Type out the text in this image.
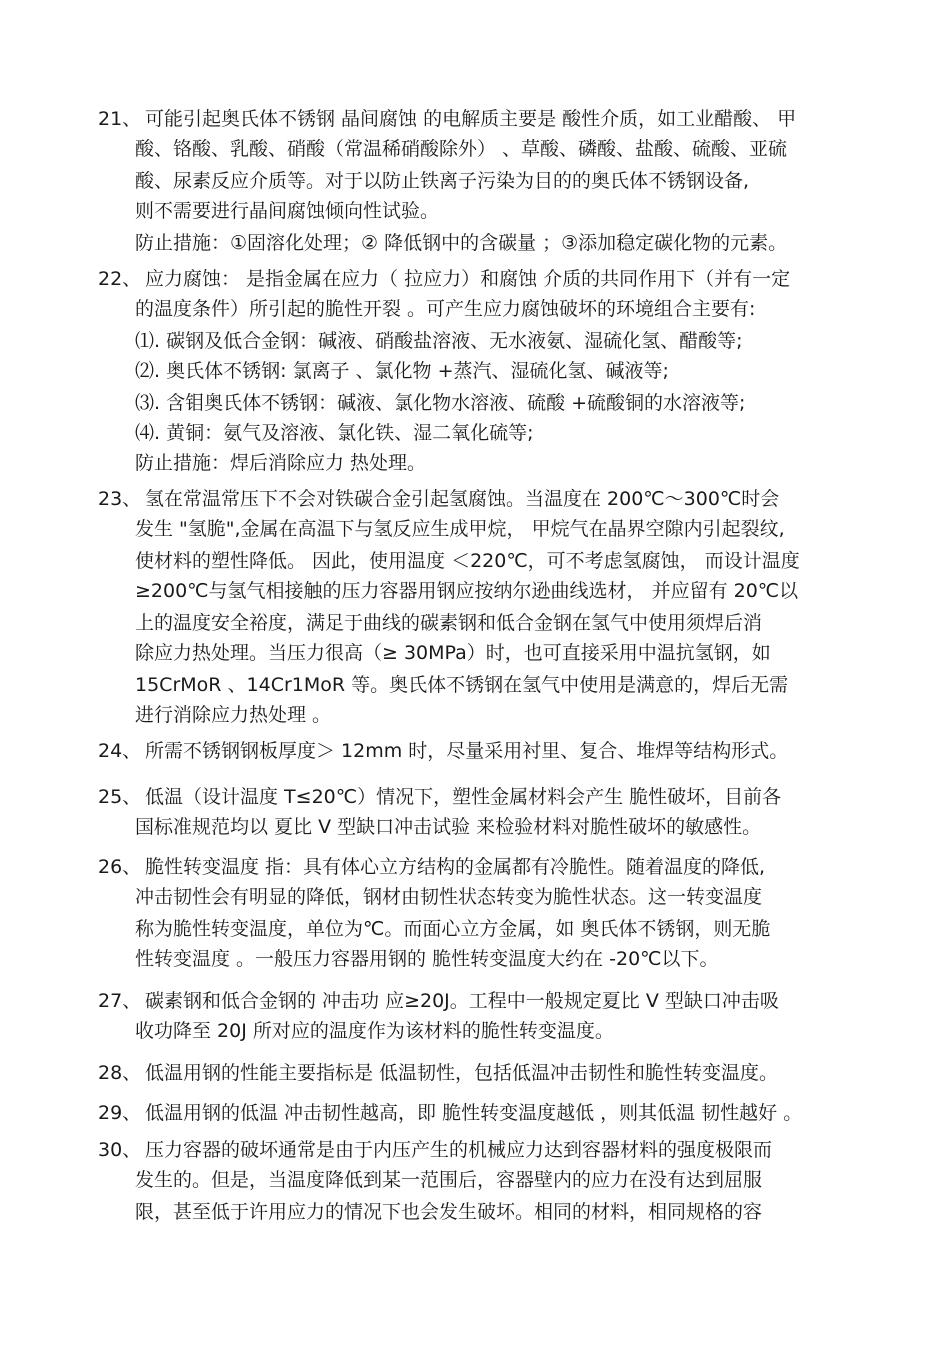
21、 可能引起奥氏体不锈钢 晶间腐蚀 的电解质主要是 酸性介质，如工业醋酸、 甲
酸、铬酸、乳酸、硝酸（常温稀硝酸除外） 、草酸、磷酸、盐酸、硫酸、亚硫
酸、尿素反应介质等。对于以防止铁离子污染为目的的奥氏体不锈钢设备,
则不需要进行晶间腐蚀倾向性试验。
防止措施：①固溶化处理；② 降低钢中的含碳量 ；③添加稳定碳化物的元素。
22、 应力腐蚀： 是指金属在应力（ 拉应力）和腐蚀 介质的共同作用下（并有一定
的温度条件）所引起的脆性开裂 。可产生应力腐蚀破坏的环境组合主要有:
⑴. 碳钢及低合金钢：碱液、硝酸盐溶液、无水液氨、湿硫化氢、醋酸等;
⑵. 奥氏体不锈钢: 氯离子 、氯化物 +蒸汽、湿硫化氢、碱液等;
⑶. 含钼奥氏体不锈钢：碱液、氯化物水溶液、硫酸 +硫酸铜的水溶液等;
⑷. 黄铜：氨气及溶液、氯化铁、湿二氧化硫等;
防止措施：焊后消除应力 热处理。
23、 氢在常温常压下不会对铁碳合金引起氢腐蚀。当温度在 200℃～300℃时会
发生 "氢脆",金属在高温下与氢反应生成甲烷， 甲烷气在晶界空隙内引起裂纹,
使材料的塑性降低。 因此，使用温度 ＜220℃，可不考虑氢腐蚀， 而设计温度
≥200℃与氢气相接触的压力容器用钢应按纳尔逊曲线选材， 并应留有 20℃以
上的温度安全裕度，满足于曲线的碳素钢和低合金钢在氢气中使用须焊后消
除应力热处理。当压力很高（≥ 30MPa）时，也可直接采用中温抗氢钢，如
15CrMoR 、14Cr1MoR 等。奥氏体不锈钢在氢气中使用是满意的，焊后无需
进行消除应力热处理 。
24、 所需不锈钢钢板厚度＞ 12mm 时，尽量采用衬里、复合、堆焊等结构形式。
25、 低温（设计温度 T≤20℃）情况下，塑性金属材料会产生 脆性破坏，目前各
国标准规范均以 夏比 V 型缺口冲击试验 来检验材料对脆性破坏的敏感性。
26、 脆性转变温度 指：具有体心立方结构的金属都有冷脆性。随着温度的降低,
冲击韧性会有明显的降低，钢材由韧性状态转变为脆性状态。这一转变温度
称为脆性转变温度，单位为℃。而面心立方金属，如 奥氏体不锈钢，则无脆
性转变温度 。一般压力容器用钢的 脆性转变温度大约在 -20℃以下。
27、 碳素钢和低合金钢的 冲击功 应≥20J。工程中一般规定夏比 V 型缺口冲击吸
收功降至 20J 所对应的温度作为该材料的脆性转变温度。
28、 低温用钢的性能主要指标是 低温韧性，包括低温冲击韧性和脆性转变温度。
29、 低温用钢的低温 冲击韧性越高，即 脆性转变温度越低 ，则其低温 韧性越好 。
30、 压力容器的破坏通常是由于内压产生的机械应力达到容器材料的强度极限而
发生的。但是，当温度降低到某一范围后，容器壁内的应力在没有达到屈服
限，甚至低于许用应力的情况下也会发生破坏。相同的材料，相同规格的容
